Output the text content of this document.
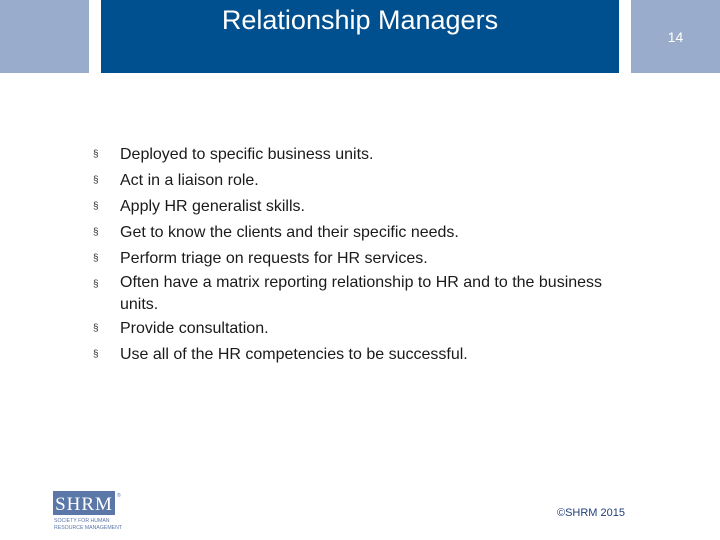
Relationship Managers
14
§
Deployed to specific business units.
§
Act in a liaison role.
§
Apply HR generalist skills.
§
Get to know the clients and their specific needs.
§
Perform triage on requests for HR services.
§
Often have a matrix reporting relationship to HR and to the business units.
§
Provide consultation.
§
Use all of the HR competencies to be successful.
SHRM ®
SOCIETY FOR HUMAN
RESOURCE MANAGEMENT
©SHRM 2015
